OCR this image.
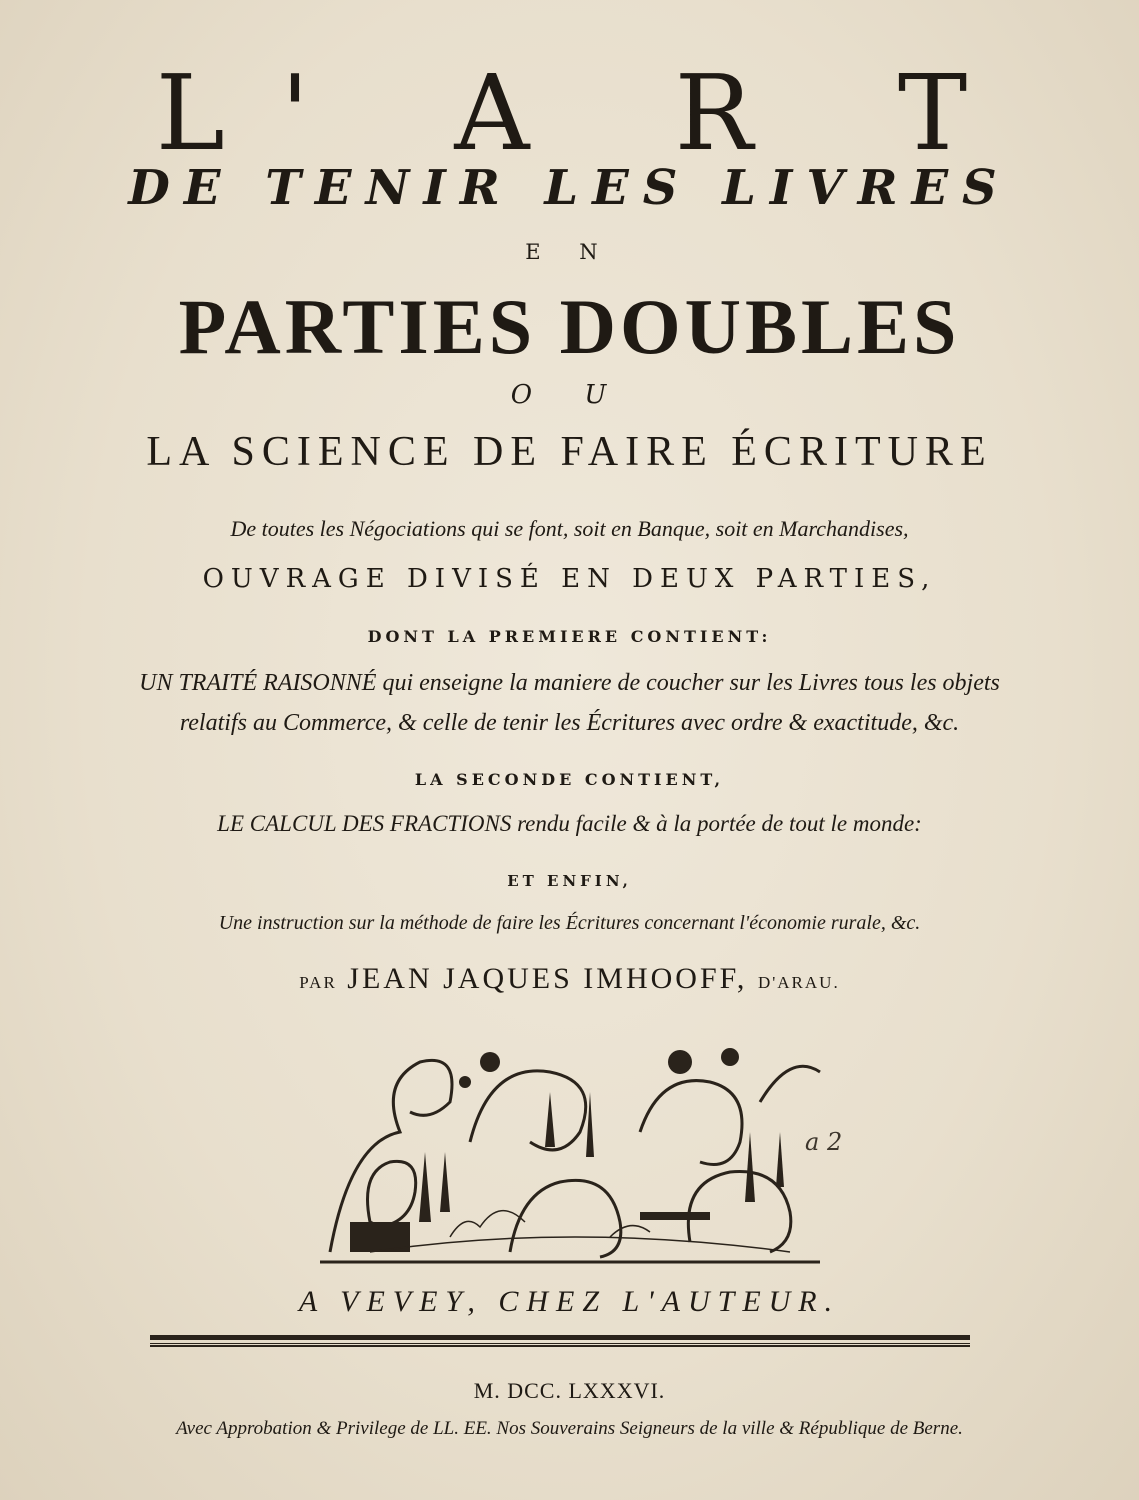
L' A R T
DE TENIR LES LIVRES
E N
PARTIES DOUBLES
O U
LA SCIENCE DE FAIRE ÉCRITURE
De toutes les Négociations qui se font, soit en Banque, soit en Marchandises,
OUVRAGE DIVISÉ EN DEUX PARTIES,
DONT LA PREMIERE CONTIENT:
UN TRAITÉ RAISONNÉ qui enseigne la maniere de coucher sur les Livres tous les objets
relatifs au Commerce, & celle de tenir les Écritures avec ordre & exactitude, &c.
LA SECONDE CONTIENT,
LE CALCUL DES FRACTIONS rendu facile & à la portée de tout le monde:
ET ENFIN,
Une instruction sur la méthode de faire les Écritures concernant l'économie rurale, &c.
PAR JEAN JAQUES IMHOOFF, D'ARAU.
a 2
A VEVEY, CHEZ L'AUTEUR.
M. DCC. LXXXVI.
Avec Approbation & Privilege de LL. EE. Nos Souverains Seigneurs de la ville & République de Berne.
